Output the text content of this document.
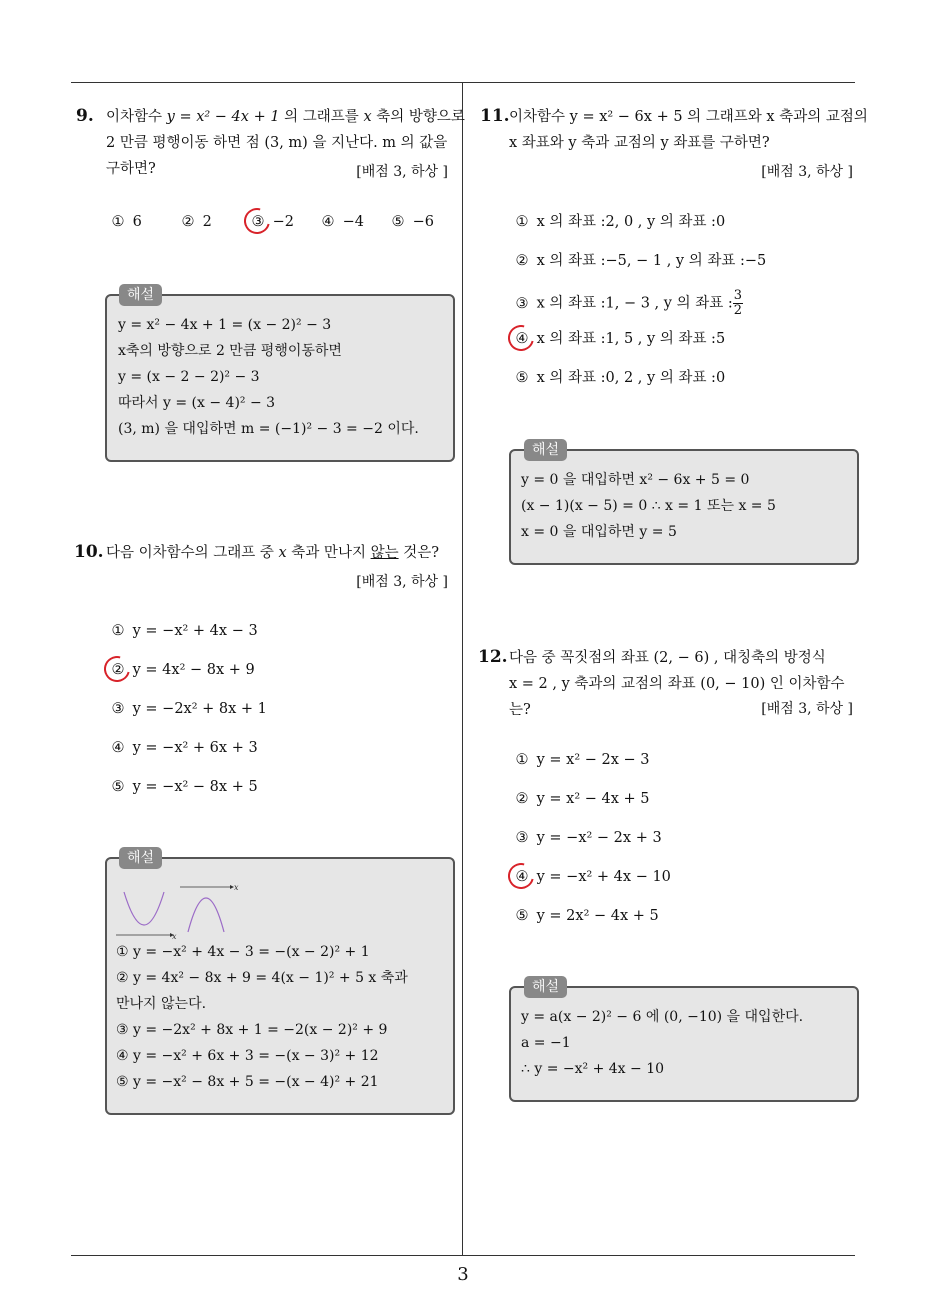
3
9. 이차함수 y = x² − 4x + 1 의 그래프를 x 축의 방향으로
2 만큼 평행이동 하면 점 (3, m) 을 지난다. m 의 값을
구하면?	[배점 3, 하상 ]
① 6	② 2	③ −2 ④ −4 ⑤ −6
해설
y = x² − 4x + 1 = (x − 2)² − 3
x축의 방향으로 2 만큼 평행이동하면
y = (x − 2 − 2)² − 3
따라서 y = (x − 4)² − 3
(3, m) 을 대입하면 m = (−1)² − 3 = −2 이다.
10. 다음 이차함수의 그래프 중 x 축과 만나지 않는 것은?
[배점 3, 하상 ]
① y = −x² + 4x − 3
② y = 4x² − 8x + 9
③ y = −2x² + 8x + 1
④ y = −x² + 6x + 3
⑤ y = −x² − 8x + 5
해설
x
x
① y = −x² + 4x − 3 = −(x − 2)² + 1
② y = 4x² − 8x + 9 = 4(x − 1)² + 5 x 축과
만나지 않는다.
③ y = −2x² + 8x + 1 = −2(x − 2)² + 9
④ y = −x² + 6x + 3 = −(x − 3)² + 12
⑤ y = −x² − 8x + 5 = −(x − 4)² + 21
11. 이차함수 y = x² − 6x + 5 의 그래프와 x 축과의 교점의
x 좌표와 y 축과 교점의 y 좌표를 구하면?
[배점 3, 하상 ]
① x 의 좌표 :2, 0 , y 의 좌표 :0
② x 의 좌표 :−5, − 1 , y 의 좌표 :−5
③ x 의 좌표 :1, − 3 , y 의 좌표 : $\frac{3}{2}$
④ x 의 좌표 :1, 5 , y 의 좌표 :5
⑤ x 의 좌표 :0, 2 , y 의 좌표 :0
해설
y = 0 을 대입하면 x² − 6x + 5 = 0
(x − 1)(x − 5) = 0 ∴ x = 1 또는 x = 5
x = 0 을 대입하면 y = 5
12. 다음 중 꼭짓점의 좌표 (2, − 6) , 대칭축의 방정식
x = 2 , y 축과의 교점의 좌표 (0, − 10) 인 이차함수
는?	[배점 3, 하상 ]
① y = x² − 2x − 3
② y = x² − 4x + 5
③ y = −x² − 2x + 3
④ y = −x² + 4x − 10
⑤ y = 2x² − 4x + 5
해설
y = a(x − 2)² − 6 에 (0, −10) 을 대입한다.
a = −1
∴ y = −x² + 4x − 10
